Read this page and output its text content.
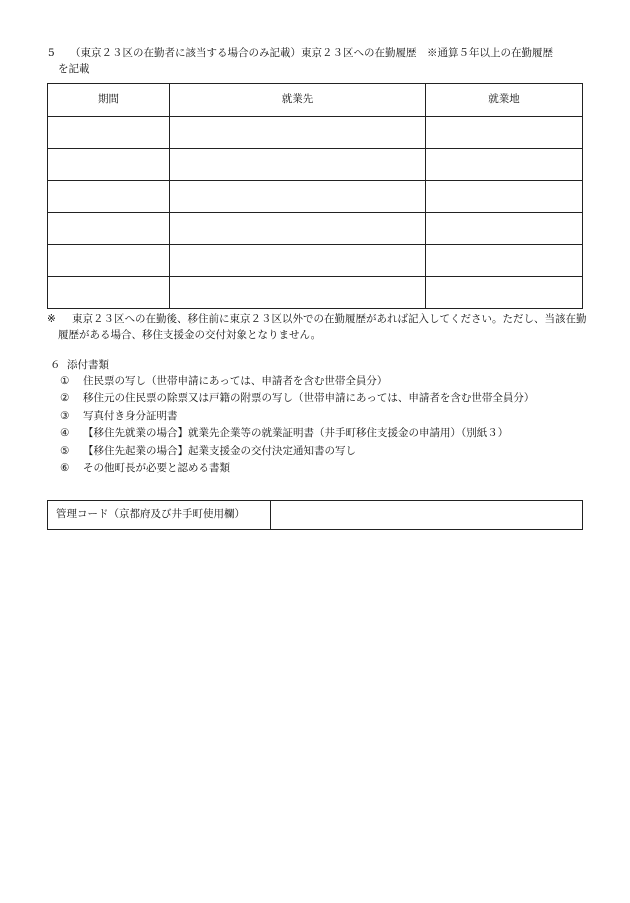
5 （東京２３区の在勤者に該当する場合のみ記載）東京２３区への在勤履歴　※通算５年以上の在勤履歴
を記載
期間	就業先	就業地

※	東京２３区への在勤後、移住前に東京２３区以外での在勤履歴があれば記入してください。ただし、当該在勤履歴がある場合、移住支援金の交付対象となりません。
６ 添付書類
① 住民票の写し（世帯申請にあっては、申請者を含む世帯全員分）
② 移住元の住民票の除票又は戸籍の附票の写し（世帯申請にあっては、申請者を含む世帯全員分）
③ 写真付き身分証明書
④ 【移住先就業の場合】就業先企業等の就業証明書（井手町移住支援金の申請用）（別紙３）
⑤ 【移住先起業の場合】起業支援金の交付決定通知書の写し
⑥ その他町長が必要と認める書類
管理コード（京都府及び井手町使用欄）	
